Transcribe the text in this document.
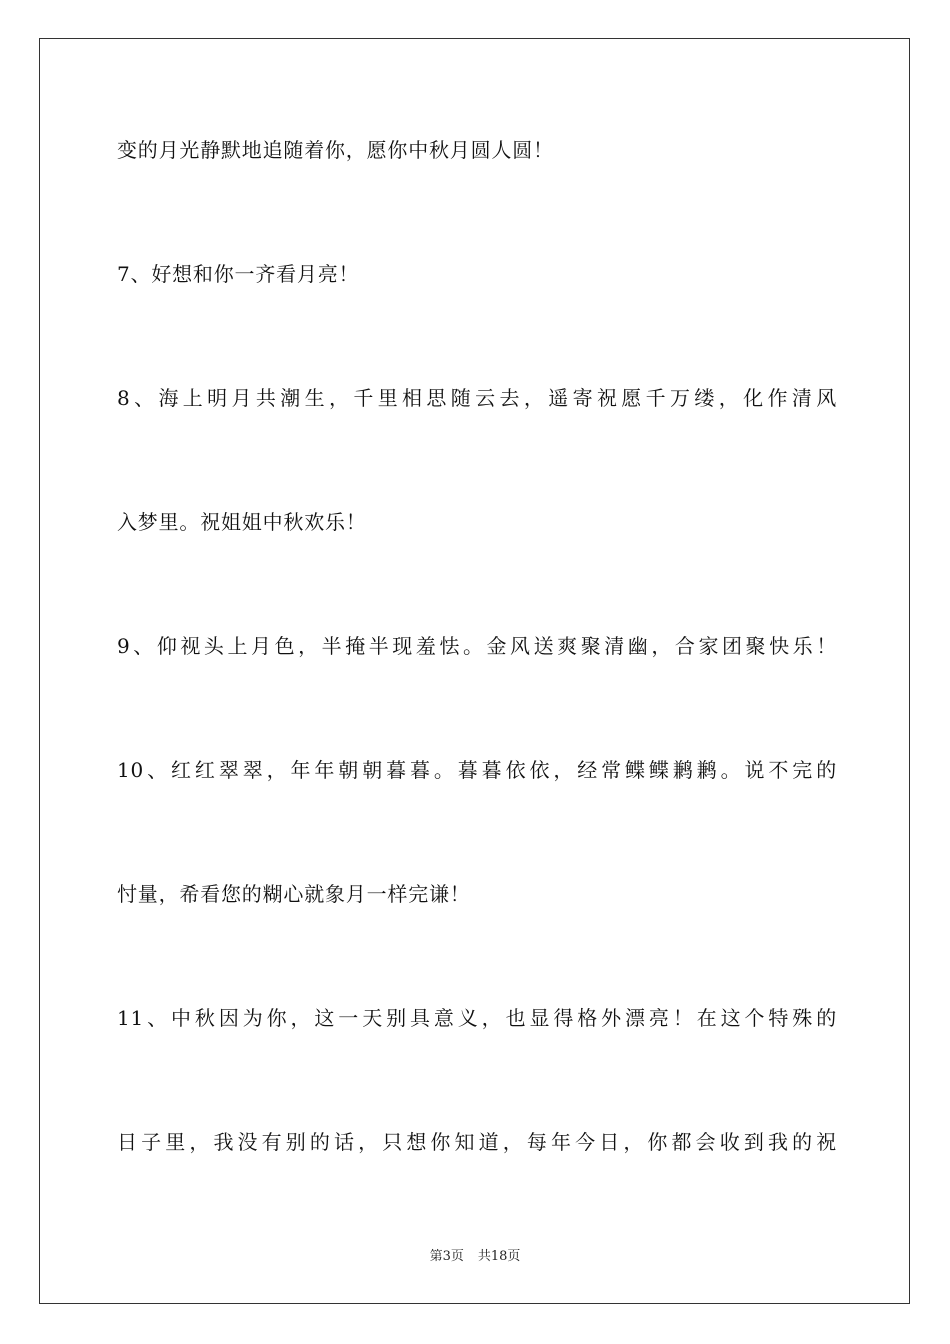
变的月光静默地追随着你，愿你中秋月圆人圆！
7、好想和你一齐看月亮！
8、海上明月共潮生，千里相思随云去，遥寄祝愿千万缕，化作清风
入梦里。祝姐姐中秋欢乐！
9、仰视头上月色，半掩半现羞怯。金风送爽聚清幽，合家团聚快乐！
10、红红翠翠，年年朝朝暮暮。暮暮依依，经常鲽鲽鹣鹣。说不完的
忖量，希看您的糊心就象月一样完谦！
11、中秋因为你，这一天别具意义，也显得格外漂亮！在这个特殊的
日子里，我没有别的话，只想你知道，每年今日，你都会收到我的祝
第3页 共18页
